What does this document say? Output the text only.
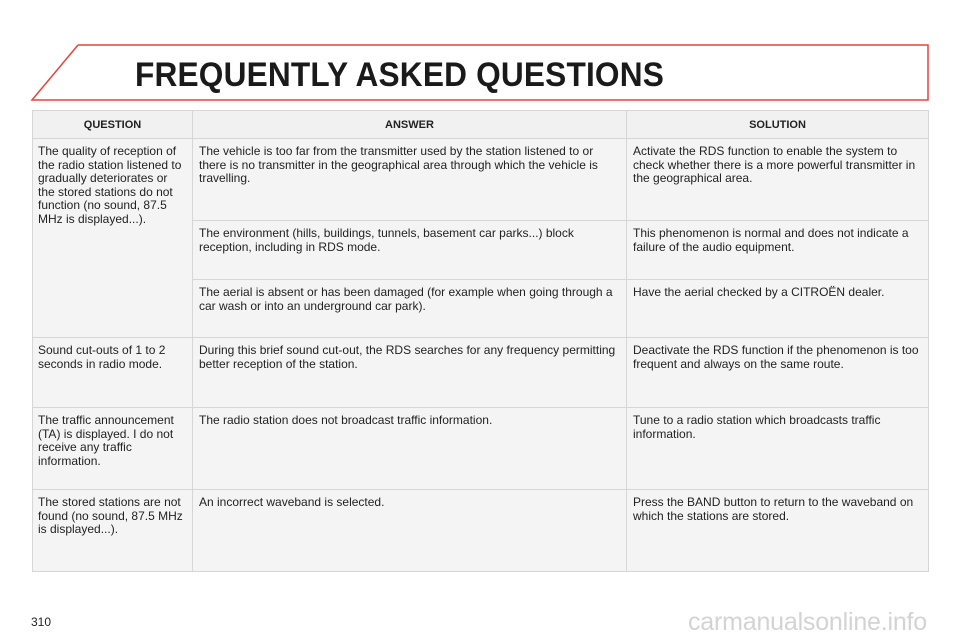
FREQUENTLY ASKED QUESTIONS
QUESTION	ANSWER	SOLUTION
The quality of reception of the radio station listened to gradually deteriorates or the stored stations do not function (no sound, 87.5 MHz is displayed...).	The vehicle is too far from the transmitter used by the station listened to or there is no transmitter in the geographical area through which the vehicle is travelling.	Activate the RDS function to enable the system to check whether there is a more powerful transmitter in the geographical area.
	The environment (hills, buildings, tunnels, basement car parks...) block reception, including in RDS mode.	This phenomenon is normal and does not indicate a failure of the audio equipment.
	The aerial is absent or has been damaged (for example when going through a car wash or into an underground car park).	Have the aerial checked by a CITROËN dealer.
Sound cut-outs of 1 to 2 seconds in radio mode.	During this brief sound cut-out, the RDS searches for any frequency permitting better reception of the station.	Deactivate the RDS function if the phenomenon is too frequent and always on the same route.
The traffic announcement (TA) is displayed. I do not receive any traffic information.	The radio station does not broadcast traffic information.	Tune to a radio station which broadcasts traffic information.
The stored stations are not found (no sound, 87.5 MHz is displayed...).	An incorrect waveband is selected.	Press the BAND button to return to the waveband on which the stations are stored.
310	carmanualsonline.info
